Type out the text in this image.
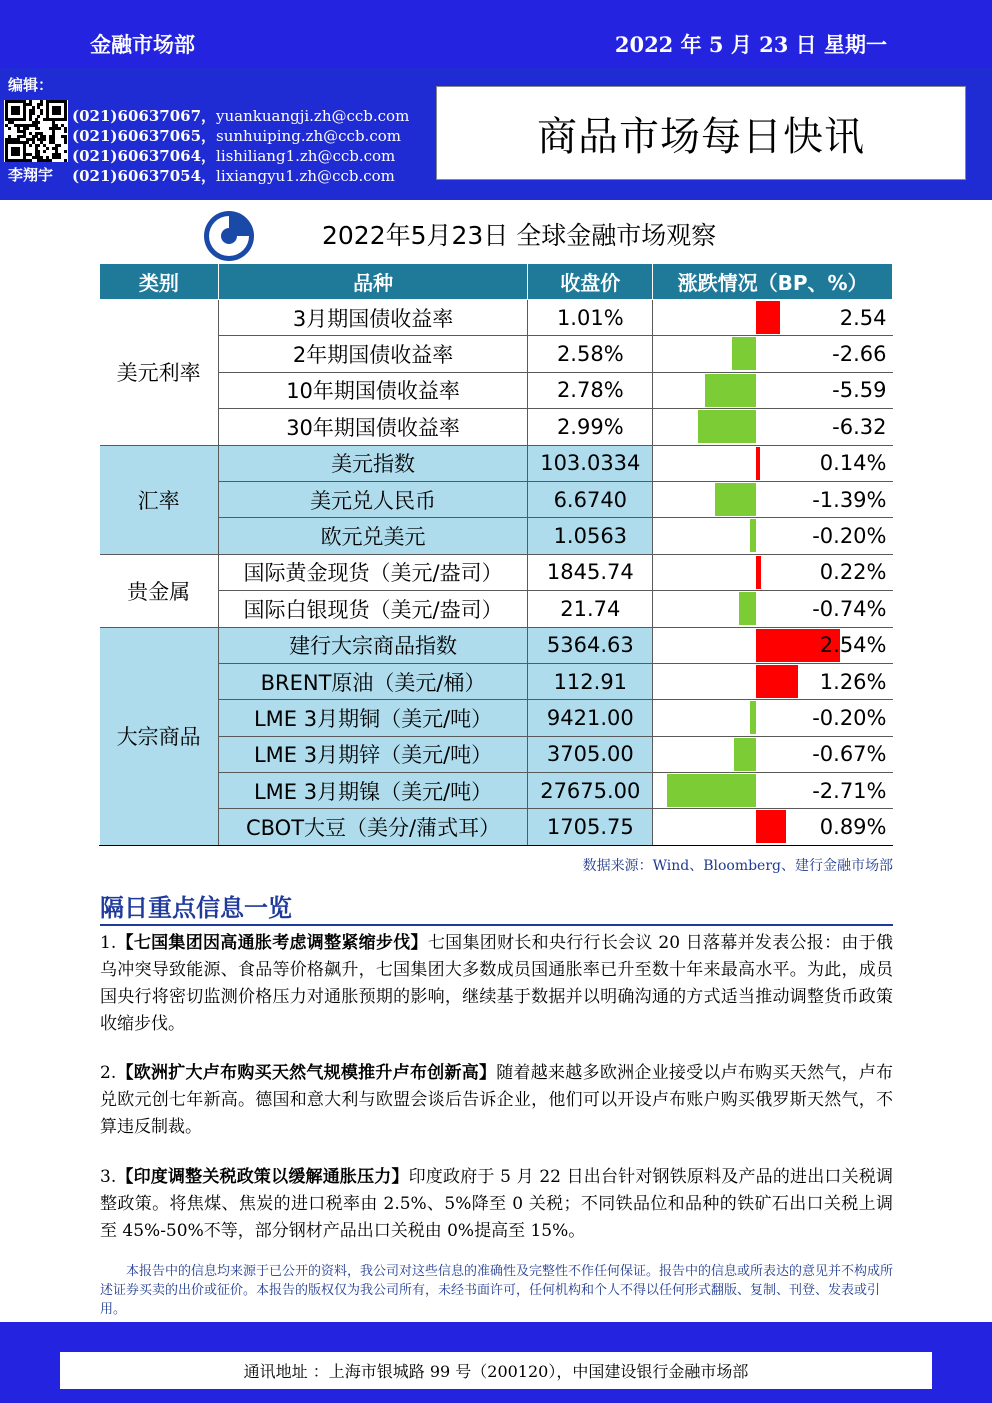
金融市场部	2022 年 5 月 23 日 星期一
编辑：
李翔宇
(021)60637067，yuankuangji.zh@ccb.com
(021)60637065，sunhuiping.zh@ccb.com
(021)60637064，lishiliang1.zh@ccb.com
(021)60637054，lixiangyu1.zh@ccb.com
商品市场每日快讯
2022年5月23日 全球金融市场观察
类别	品种	收盘价	涨跌情况（BP、%）
美元利率	3月期国债收益率	1.01%	2.54
	2年期国债收益率	2.58%	-2.66
	10年期国债收益率	2.78%	-5.59
	30年期国债收益率	2.99%	-6.32
汇率	美元指数	103.0334	0.14%
	美元兑人民币	6.6740	-1.39%
	欧元兑美元	1.0563	-0.20%
贵金属	国际黄金现货（美元/盎司）	1845.74	0.22%
	国际白银现货（美元/盎司）	21.74	-0.74%
大宗商品	建行大宗商品指数	5364.63	2.54%
	BRENT原油（美元/桶）	112.91	1.26%
	LME 3月期铜（美元/吨）	9421.00	-0.20%
	LME 3月期锌（美元/吨）	3705.00	-0.67%
	LME 3月期镍（美元/吨）	27675.00	-2.71%
	CBOT大豆（美分/蒲式耳）	1705.75	0.89%
数据来源：Wind、Bloomberg、建行金融市场部
隔日重点信息一览
1.【七国集团因高通胀考虑调整紧缩步伐】七国集团财长和央行行长会议 20 日落幕并发表公报：由于俄乌冲突导致能源、食品等价格飙升，七国集团大多数成员国通胀率已升至数十年来最高水平。为此，成员国央行将密切监测价格压力对通胀预期的影响，继续基于数据并以明确沟通的方式适当推动调整货币政策收缩步伐。
2.【欧洲扩大卢布购买天然气规模推升卢布创新高】随着越来越多欧洲企业接受以卢布购买天然气，卢布兑欧元创七年新高。德国和意大利与欧盟会谈后告诉企业，他们可以开设卢布账户购买俄罗斯天然气，不算违反制裁。
3.【印度调整关税政策以缓解通胀压力】印度政府于 5 月 22 日出台针对钢铁原料及产品的进出口关税调整政策。将焦煤、焦炭的进口税率由 2.5%、5%降至 0 关税；不同铁品位和品种的铁矿石出口关税上调至 45%-50%不等，部分钢材产品出口关税由 0%提高至 15%。
本报告中的信息均来源于已公开的资料，我公司对这些信息的准确性及完整性不作任何保证。报告中的信息或所表达的意见并不构成所述证券买卖的出价或征价。本报告的版权仅为我公司所有，未经书面许可，任何机构和个人不得以任何形式翻版、复制、刊登、发表或引用。
通讯地址 ：上海市银城路 99 号（200120），中国建设银行金融市场部
